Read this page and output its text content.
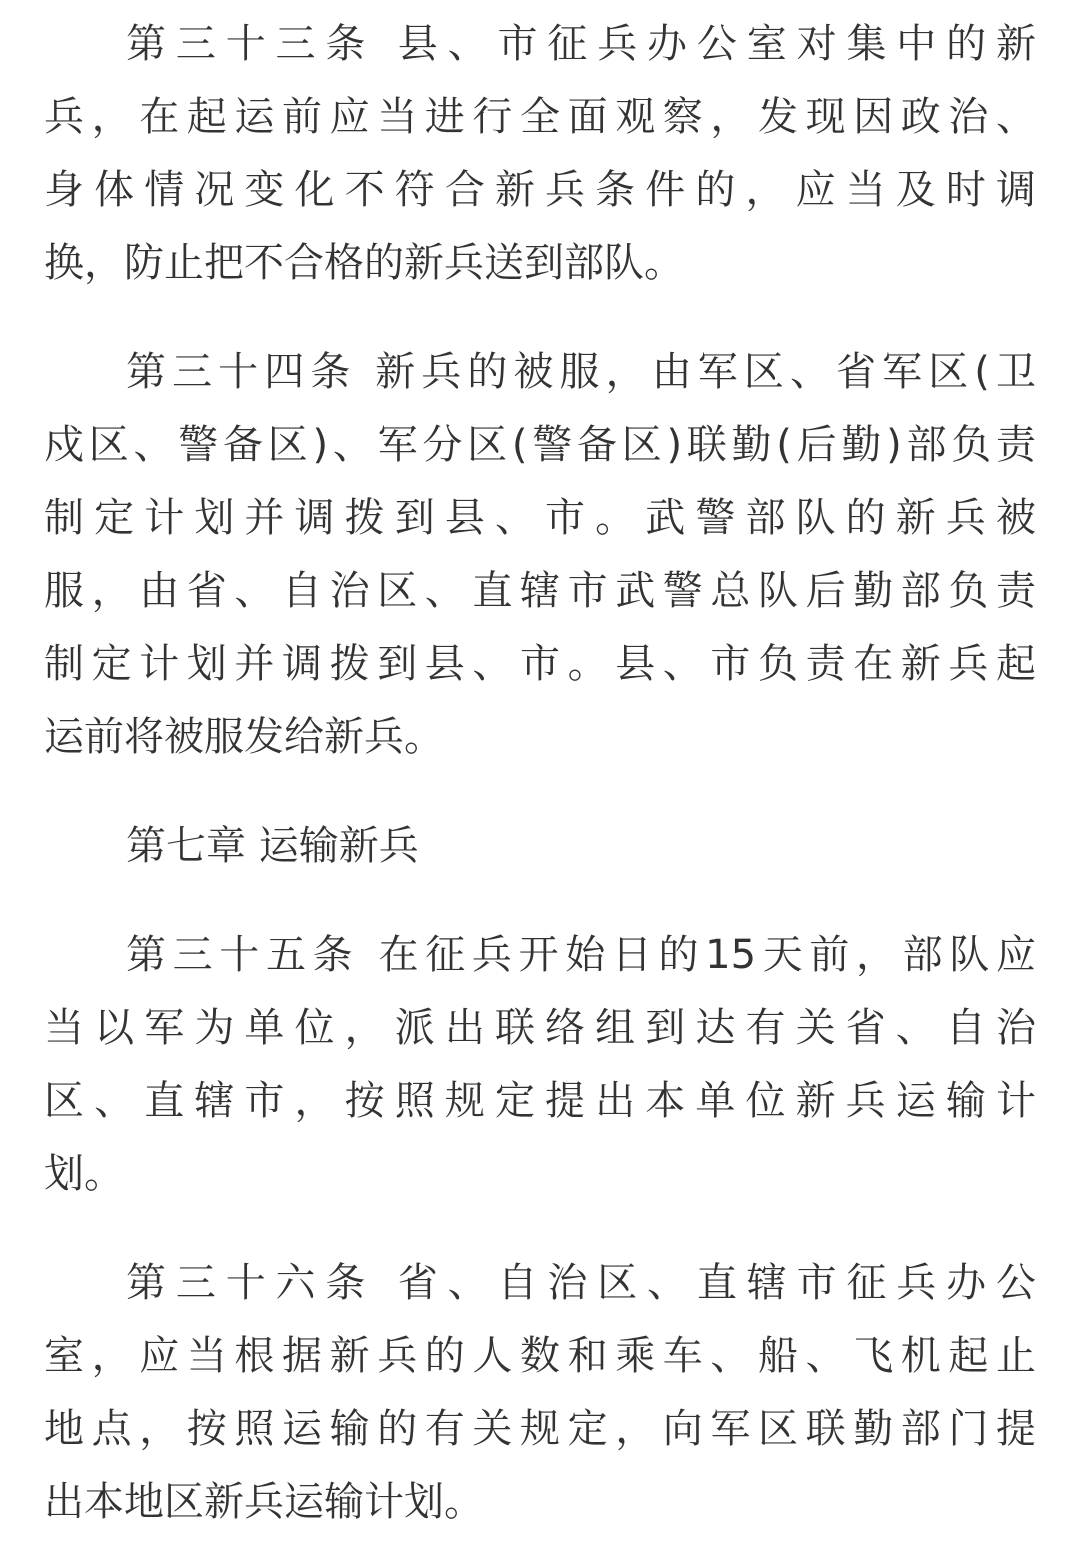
第三十三条 县、市征兵办公室对集中的新
兵，在起运前应当进行全面观察，发现因政治、
身体情况变化不符合新兵条件的，应当及时调
换，防止把不合格的新兵送到部队。
第三十四条 新兵的被服，由军区、省军区(卫
戍区、警备区)、军分区(警备区)联勤(后勤)部负责
制定计划并调拨到县、市。武警部队的新兵被
服，由省、自治区、直辖市武警总队后勤部负责
制定计划并调拨到县、市。县、市负责在新兵起
运前将被服发给新兵。
第七章 运输新兵
第三十五条 在征兵开始日的15天前，部队应
当以军为单位，派出联络组到达有关省、自治
区、直辖市，按照规定提出本单位新兵运输计
划。
第三十六条 省、自治区、直辖市征兵办公
室，应当根据新兵的人数和乘车、船、飞机起止
地点，按照运输的有关规定，向军区联勤部门提
出本地区新兵运输计划。
